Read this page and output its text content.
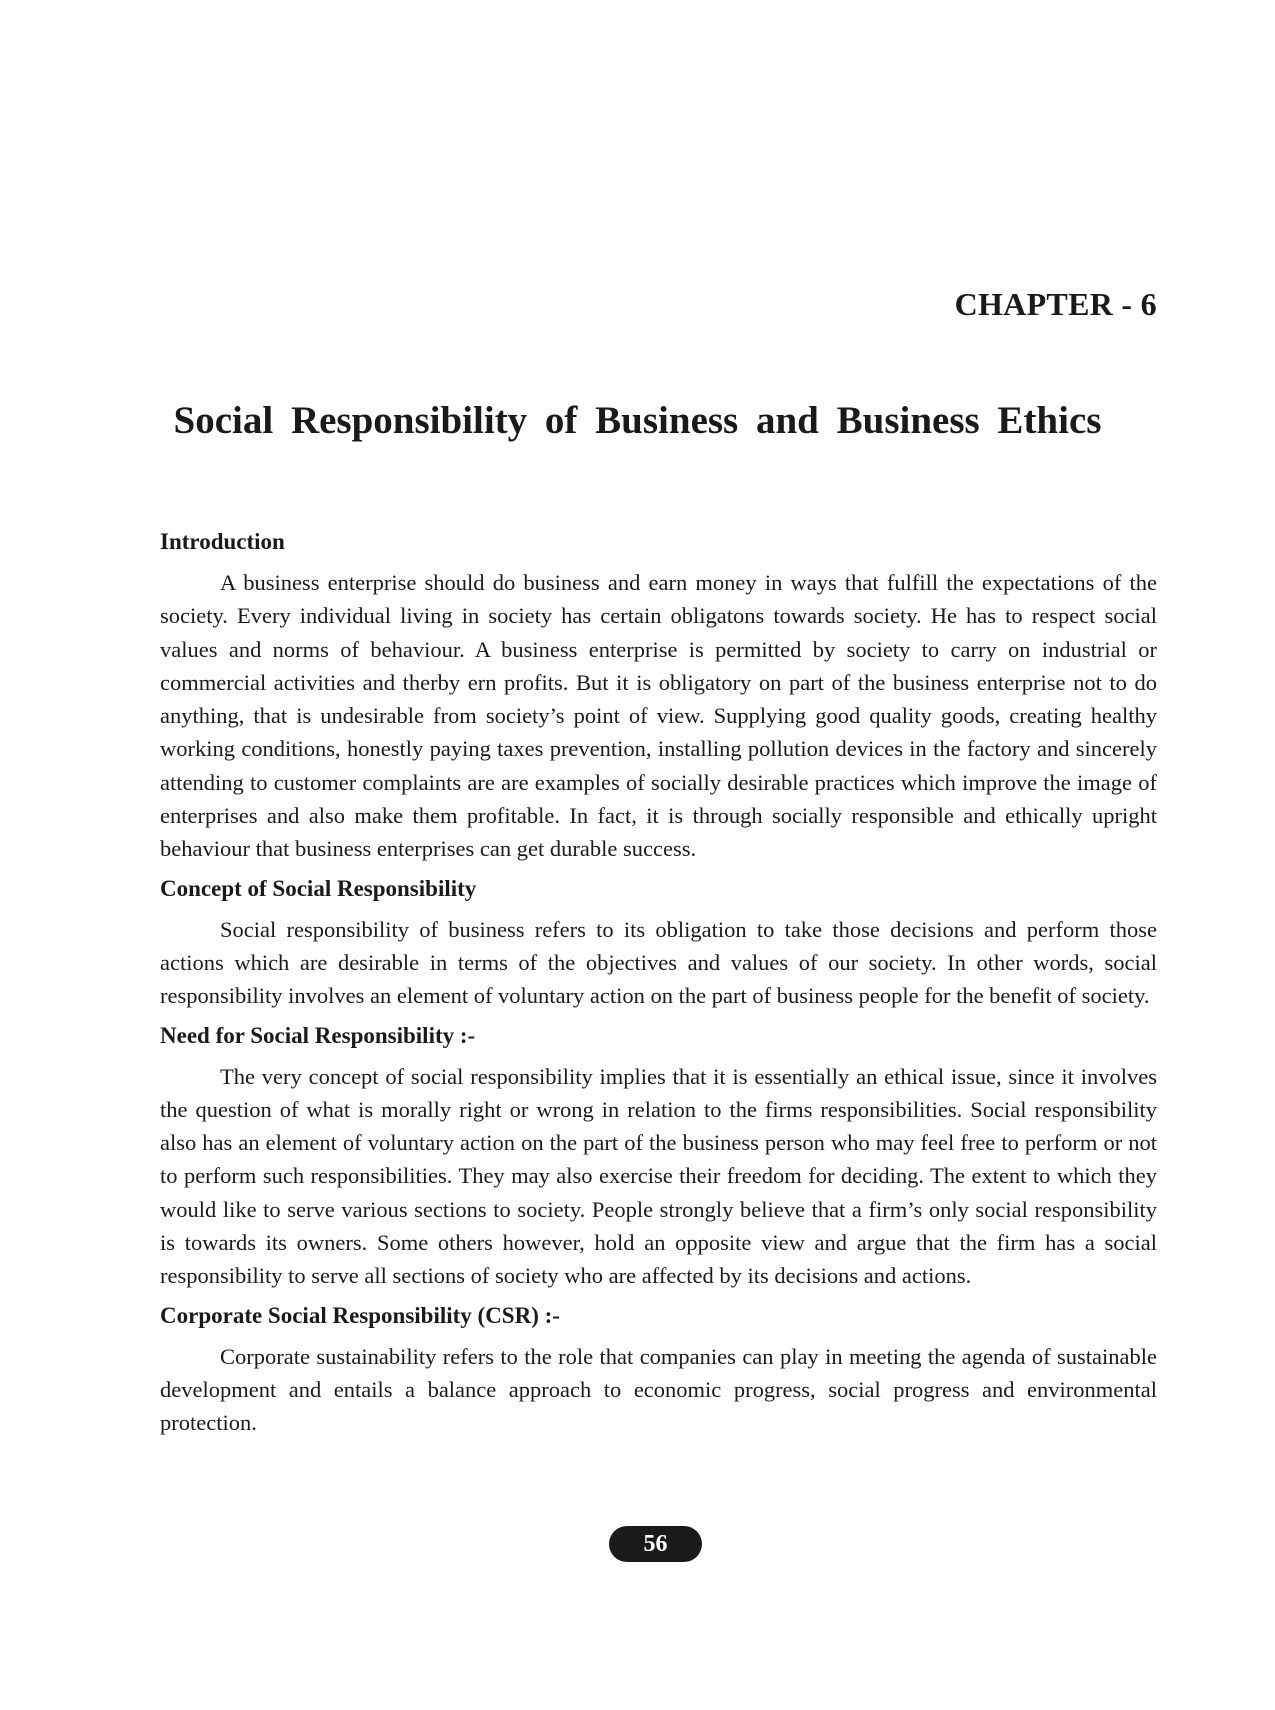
CHAPTER - 6
Social Responsibility of Business and Business Ethics
Introduction

A business enterprise should do business and earn money in ways that fulfill the expectations of the society. Every individual living in society has certain obligatons towards society. He has to respect social values and norms of behaviour. A business enterprise is permitted by society to carry on industrial or commercial activities and therby ern profits. But it is obligatory on part of the business enterprise not to do anything, that is undesirable from society’s point of view. Supplying good quality goods, creating healthy working conditions, honestly paying taxes prevention, installing pollution devices in the factory and sincerely attending to customer complaints are are examples of socially desirable practices which improve the image of enterprises and also make them profitable. In fact, it is through socially responsible and ethically upright behaviour that business enterprises can get durable success.

Concept of Social Responsibility

Social responsibility of business refers to its obligation to take those decisions and perform those actions which are desirable in terms of the objectives and values of our society. In other words, social responsibility involves an element of voluntary action on the part of business people for the benefit of society.

Need for Social Responsibility :-

The very concept of social responsibility implies that it is essentially an ethical issue, since it involves the question of what is morally right or wrong in relation to the firms responsibilities. Social responsibility also has an element of voluntary action on the part of the business person who may feel free to perform or not to perform such responsibilities. They may also exercise their freedom for deciding. The extent to which they would like to serve various sections to society. People strongly believe that a firm’s only social responsibility is towards its owners. Some others however, hold an opposite view and argue that the firm has a social responsibility to serve all sections of society who are affected by its decisions and actions.

Corporate Social Responsibility (CSR) :-

Corporate sustainability refers to the role that companies can play in meeting the agenda of sustainable development and entails a balance approach to economic progress, social progress and environmental protection.

56
